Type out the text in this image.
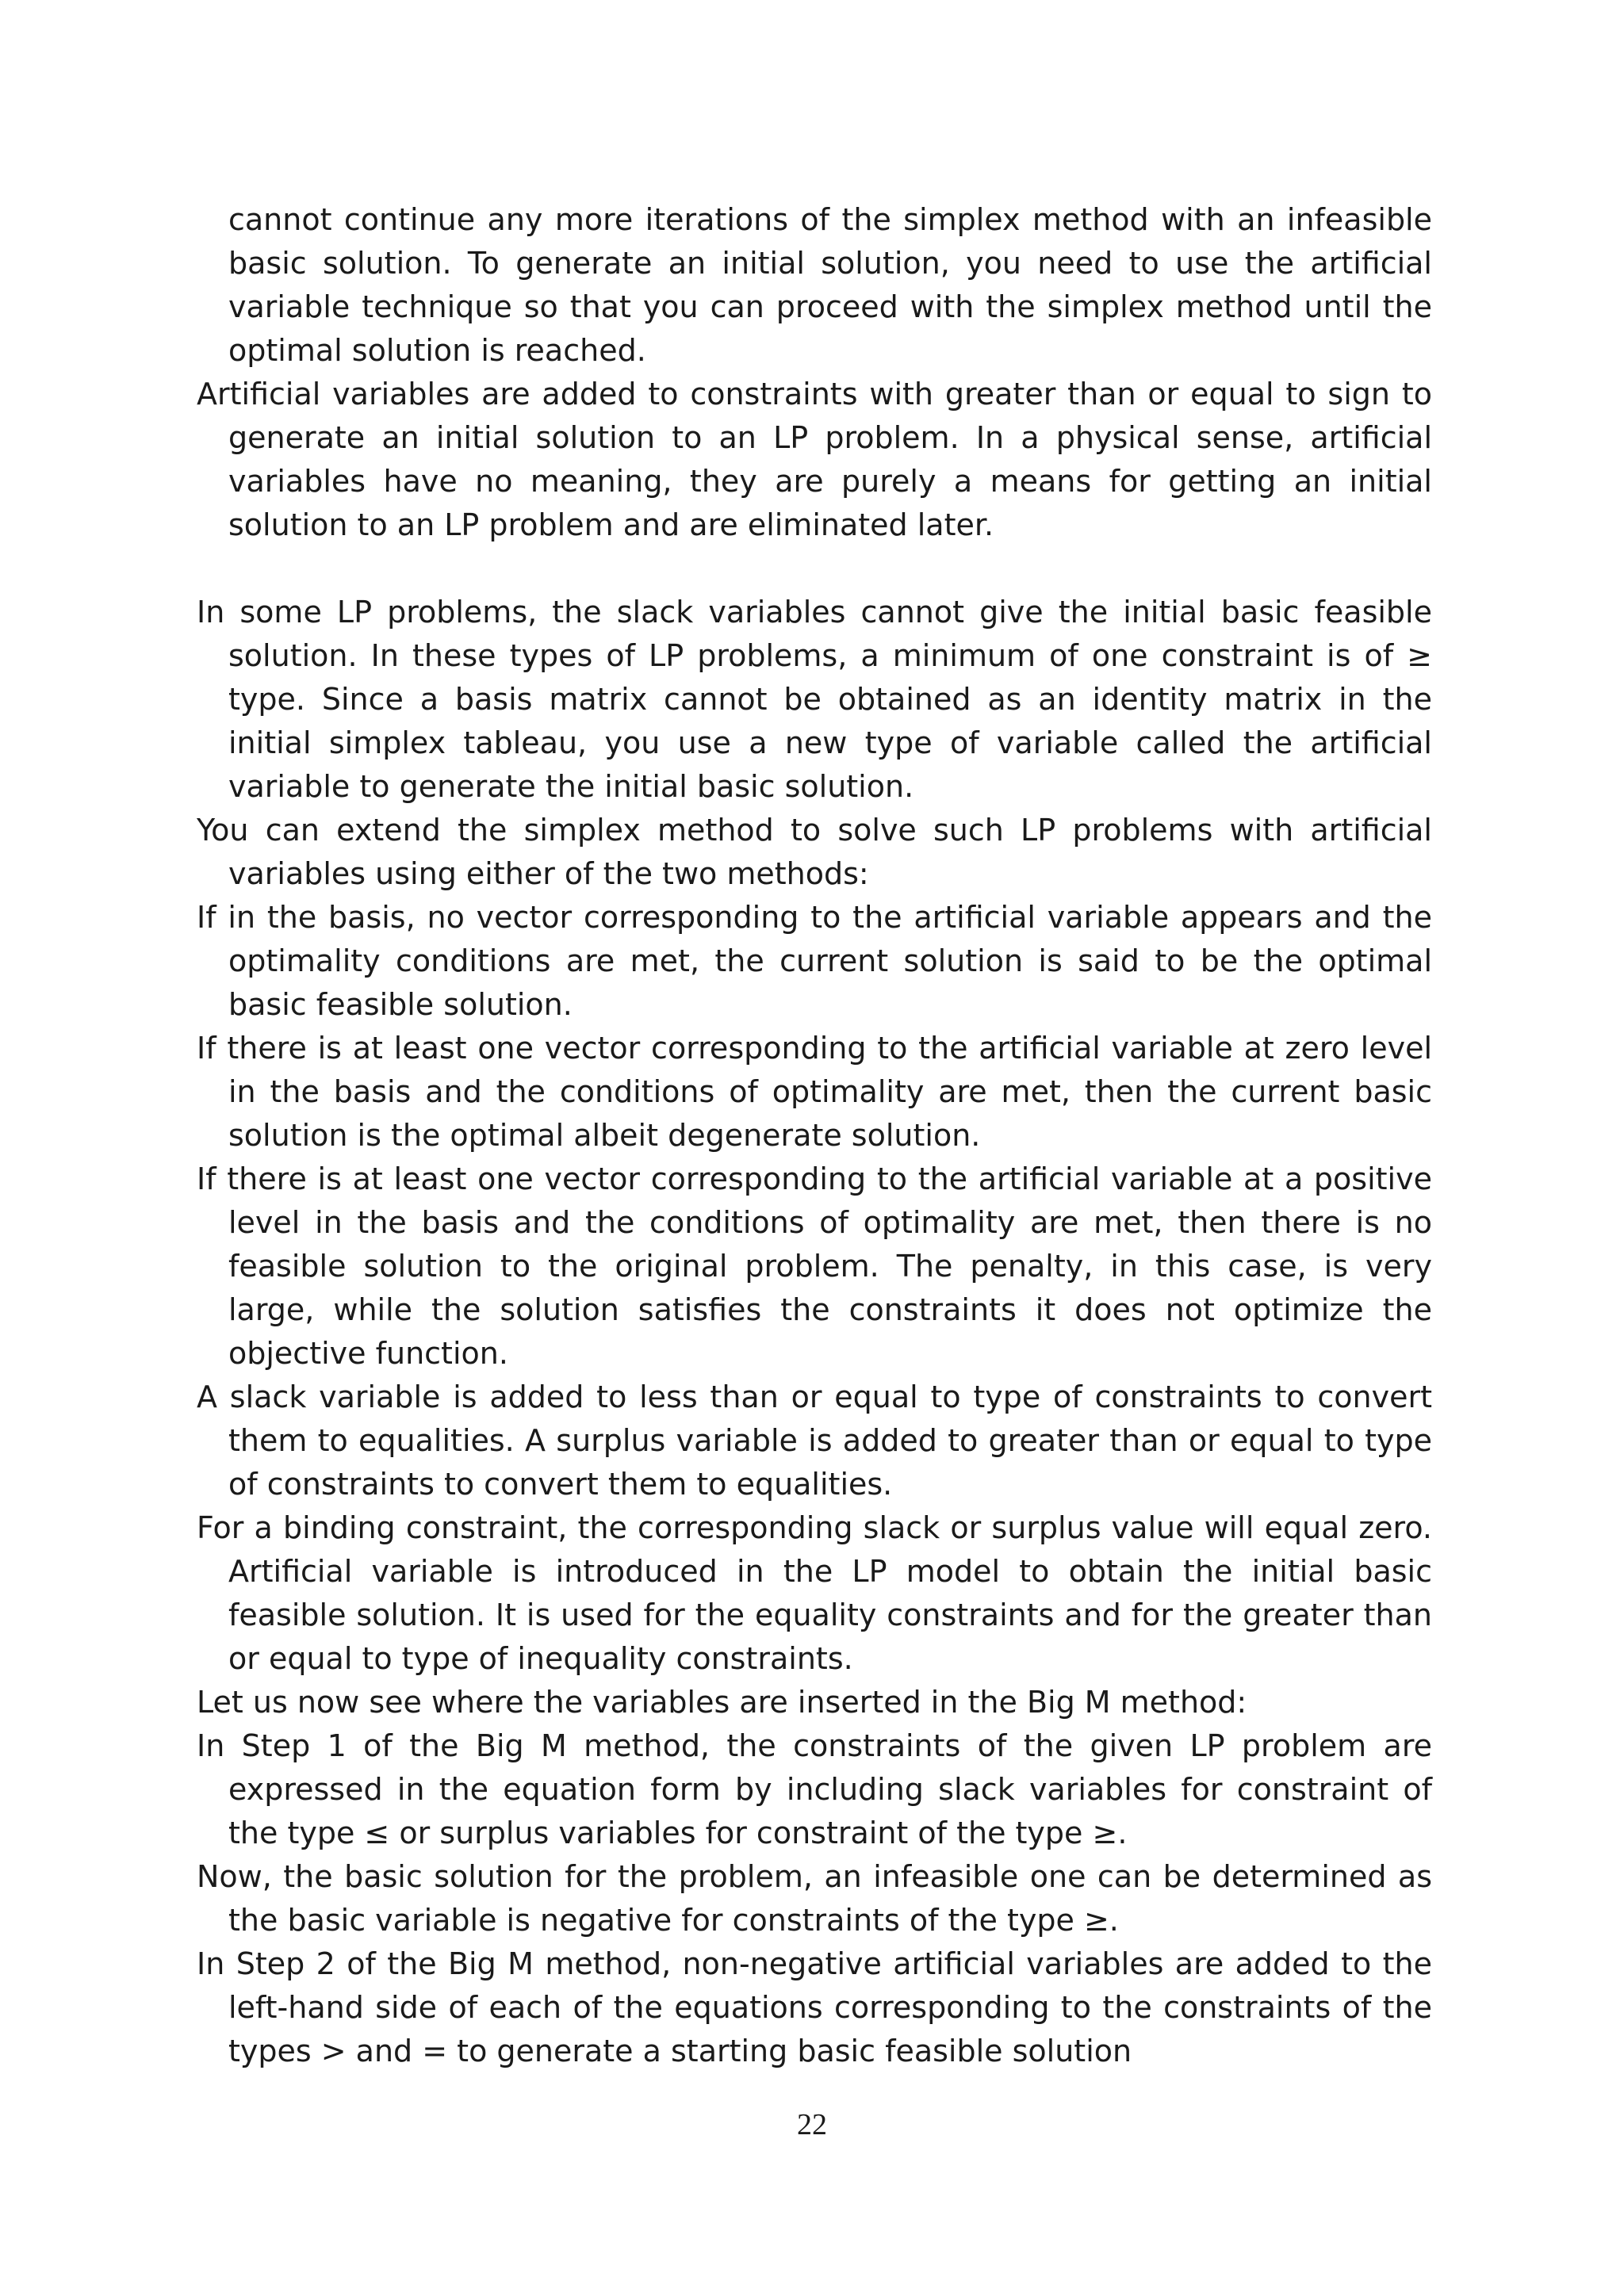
cannot continue any more iterations of the simplex method with an infeasible basic solution. To generate an initial solution, you need to use the artificial variable technique so that you can proceed with the simplex method until the optimal solution is reached.

Artificial variables are added to constraints with greater than or equal to sign to generate an initial solution to an LP problem. In a physical sense, artificial variables have no meaning, they are purely a means for getting an initial solution to an LP problem and are eliminated later.

In some LP problems, the slack variables cannot give the initial basic feasible solution. In these types of LP problems, a minimum of one constraint is of ≥ type. Since a basis matrix cannot be obtained as an identity matrix in the initial simplex tableau, you use a new type of variable called the artificial variable to generate the initial basic solution.

You can extend the simplex method to solve such LP problems with artificial variables using either of the two methods:

If in the basis, no vector corresponding to the artificial variable appears and the optimality conditions are met, the current solution is said to be the optimal basic feasible solution.

If there is at least one vector corresponding to the artificial variable at zero level in the basis and the conditions of optimality are met, then the current basic solution is the optimal albeit degenerate solution.

If there is at least one vector corresponding to the artificial variable at a positive level in the basis and the conditions of optimality are met, then there is no feasible solution to the original problem. The penalty, in this case, is very large, while the solution satisfies the constraints it does not optimize the objective function.

A slack variable is added to less than or equal to type of constraints to convert them to equalities. A surplus variable is added to greater than or equal to type of constraints to convert them to equalities.

For a binding constraint, the corresponding slack or surplus value will equal zero. Artificial variable is introduced in the LP model to obtain the initial basic feasible solution. It is used for the equality constraints and for the greater than or equal to type of inequality constraints.

Let us now see where the variables are inserted in the Big M method:

In Step 1 of the Big M method, the constraints of the given LP problem are expressed in the equation form by including slack variables for constraint of the type ≤ or surplus variables for constraint of the type ≥.

Now, the basic solution for the problem, an infeasible one can be determined as the basic variable is negative for constraints of the type ≥.

In Step 2 of the Big M method, non-negative artificial variables are added to the left-hand side of each of the equations corresponding to the constraints of the types > and = to generate a starting basic feasible solution

22
